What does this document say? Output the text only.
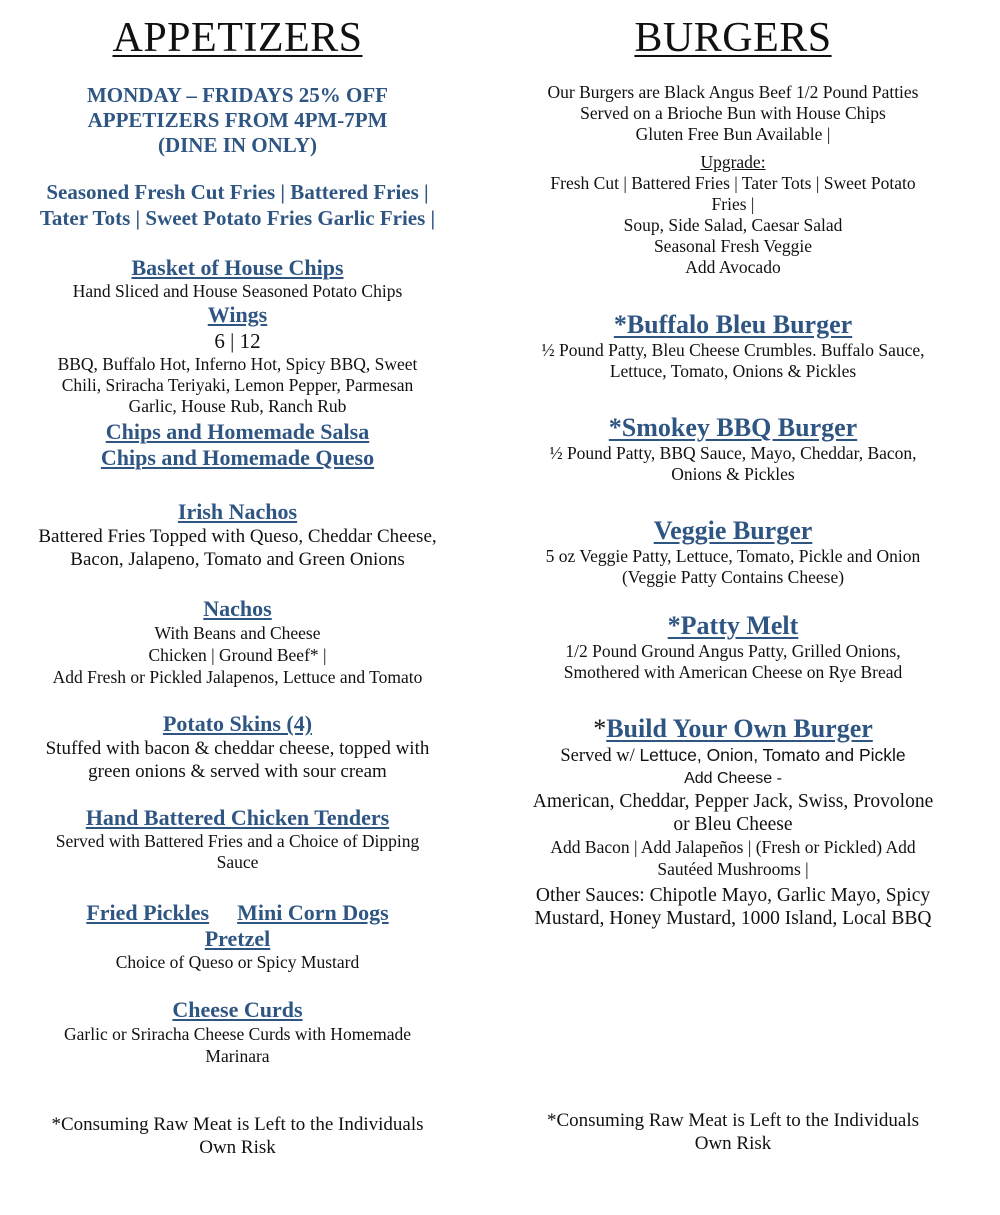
APPETIZERS
MONDAY – FRIDAYS 25% OFF
APPETIZERS FROM 4PM-7PM
(DINE IN ONLY)
Seasoned Fresh Cut Fries | Battered Fries |
Tater Tots | Sweet Potato Fries Garlic Fries |
Basket of House Chips
Hand Sliced and House Seasoned Potato Chips
Wings
6 | 12
BBQ, Buffalo Hot, Inferno Hot, Spicy BBQ, Sweet
Chili, Sriracha Teriyaki, Lemon Pepper, Parmesan
Garlic, House Rub, Ranch Rub
Chips and Homemade Salsa
Chips and Homemade Queso
Irish Nachos
Battered Fries Topped with Queso, Cheddar Cheese,
Bacon, Jalapeno, Tomato and Green Onions
Nachos
With Beans and Cheese
Chicken | Ground Beef* |
Add Fresh or Pickled Jalapenos, Lettuce and Tomato
Potato Skins (4)
Stuffed with bacon & cheddar cheese, topped with
green onions & served with sour cream
Hand Battered Chicken Tenders
Served with Battered Fries and a Choice of Dipping
Sauce
Fried Pickles Mini Corn Dogs
Pretzel
Choice of Queso or Spicy Mustard
Cheese Curds
Garlic or Sriracha Cheese Curds with Homemade
Marinara
*Consuming Raw Meat is Left to the Individuals
Own Risk
BURGERS
Our Burgers are Black Angus Beef 1/2 Pound Patties
Served on a Brioche Bun with House Chips
Gluten Free Bun Available |
Upgrade:
Fresh Cut | Battered Fries | Tater Tots | Sweet Potato
Fries |
Soup, Side Salad, Caesar Salad
Seasonal Fresh Veggie
Add Avocado
*Buffalo Bleu Burger
½ Pound Patty, Bleu Cheese Crumbles. Buffalo Sauce,
Lettuce, Tomato, Onions & Pickles
*Smokey BBQ Burger
½ Pound Patty, BBQ Sauce, Mayo, Cheddar, Bacon,
Onions & Pickles
Veggie Burger
5 oz Veggie Patty, Lettuce, Tomato, Pickle and Onion
(Veggie Patty Contains Cheese)
*Patty Melt
1/2 Pound Ground Angus Patty, Grilled Onions,
Smothered with American Cheese on Rye Bread
*Build Your Own Burger
Served w/ Lettuce, Onion, Tomato and Pickle
Add Cheese -
American, Cheddar, Pepper Jack, Swiss, Provolone
or Bleu Cheese
Add Bacon | Add Jalapeños | (Fresh or Pickled) Add
Sautéed Mushrooms |
Other Sauces: Chipotle Mayo, Garlic Mayo, Spicy
Mustard, Honey Mustard, 1000 Island, Local BBQ
*Consuming Raw Meat is Left to the Individuals
Own Risk
